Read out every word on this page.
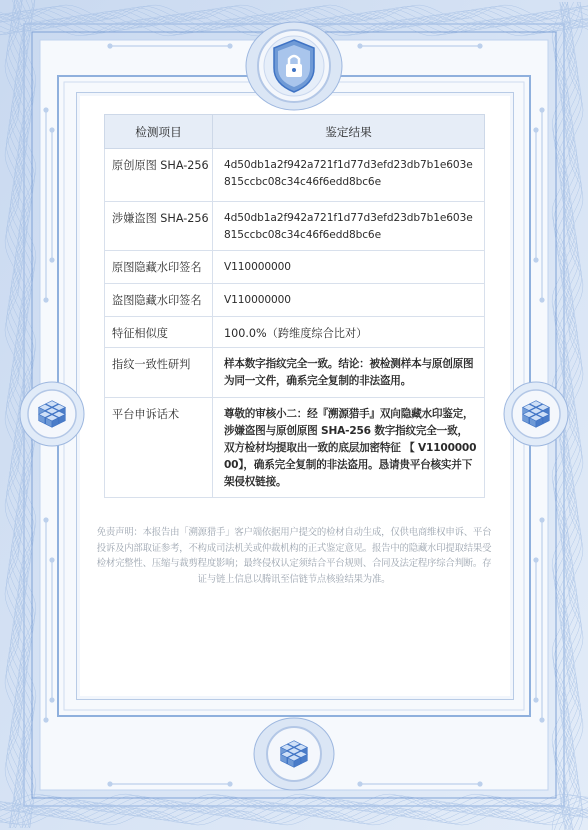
检测项目	鉴定结果
原创原图 SHA-256	4d50db1a2f942a721f1d77d3efd23db7b1e603e815ccbc08c34c46f6edd8bc6e
涉嫌盗图 SHA-256	4d50db1a2f942a721f1d77d3efd23db7b1e603e815ccbc08c34c46f6edd8bc6e
原图隐藏水印签名	V110000000
盗图隐藏水印签名	V110000000
特征相似度	100.0%（跨维度综合比对）
指纹一致性研判	样本数字指纹完全一致。结论：被检测样本与原创原图为同一文件，确系完全复制的非法盗用。
平台申诉话术	尊敬的审核小二：经『溯源猎手』双向隐藏水印鉴定，涉嫌盗图与原创原图 SHA-256 数字指纹完全一致，双方检材均提取出一致的底层加密特征 【 V110000000】，确系完全复制的非法盗用。恳请贵平台核实并下架侵权链接。
免责声明：本报告由「溯源猎手」客户端依据用户提交的检材自动生成，仅供电商维权申诉、平台投诉及内部取证参考，不构成司法机关或仲裁机构的正式鉴定意见。报告中的隐藏水印提取结果受检材完整性、压缩与裁剪程度影响；最终侵权认定须结合平台规则、合同及法定程序综合判断。存证与链上信息以腾讯至信链节点核验结果为准。
